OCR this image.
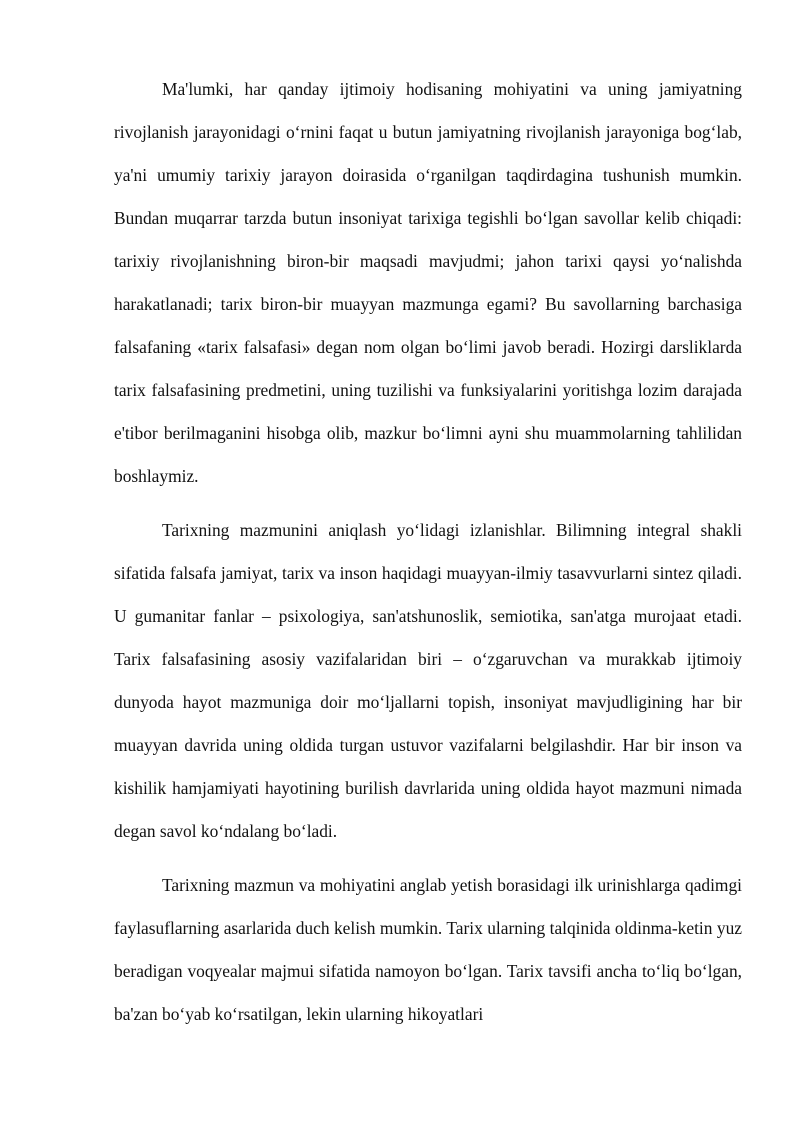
Ma'lumki, har qanday ijtimoiy hodisaning mohiyatini va uning jamiyatning rivojlanish jarayonidagi o‘rnini faqat u butun jamiyatning rivojlanish jarayoniga bog‘lab, ya'ni umumiy tarixiy jarayon doirasida o‘rganilgan taqdirdagina tushunish mumkin. Bundan muqarrar tarzda butun insoniyat tarixiga tegishli bo‘lgan savollar kelib chiqadi: tarixiy rivojlanishning biron-bir maqsadi mavjudmi; jahon tarixi qaysi yo‘nalishda harakatlanadi; tarix biron-bir muayyan mazmunga egami? Bu savollarning barchasiga falsafaning «tarix falsafasi» degan nom olgan bo‘limi javob beradi. Hozirgi darsliklarda tarix falsafasining predmetini, uning tuzilishi va funksiyalarini yoritishga lozim darajada e'tibor berilmaganini hisobga olib, mazkur bo‘limni ayni shu muammolarning tahlilidan boshlaymiz.

Tarixning mazmunini aniqlash yo‘lidagi izlanishlar. Bilimning integral shakli sifatida falsafa jamiyat, tarix va inson haqidagi muayyan-ilmiy tasavvurlarni sintez qiladi. U gumanitar fanlar – psixologiya, san'atshunoslik, semiotika, san'atga murojaat etadi. Tarix falsafasining asosiy vazifalaridan biri – o‘zgaruvchan va murakkab ijtimoiy dunyoda hayot mazmuniga doir mo‘ljallarni topish, insoniyat mavjudligining har bir muayyan davrida uning oldida turgan ustuvor vazifalarni belgilashdir. Har bir inson va kishilik hamjamiyati hayotining burilish davrlarida uning oldida hayot mazmuni nimada degan savol ko‘ndalang bo‘ladi.

Tarixning mazmun va mohiyatini anglab yetish borasidagi ilk urinishlarga qadimgi faylasuflarning asarlarida duch kelish mumkin. Tarix ularning talqinida oldinma-ketin yuz beradigan voqyealar majmui sifatida namoyon bo‘lgan. Tarix tavsifi ancha to‘liq bo‘lgan, ba'zan bo‘yab ko‘rsatilgan, lekin ularning hikoyatlari
